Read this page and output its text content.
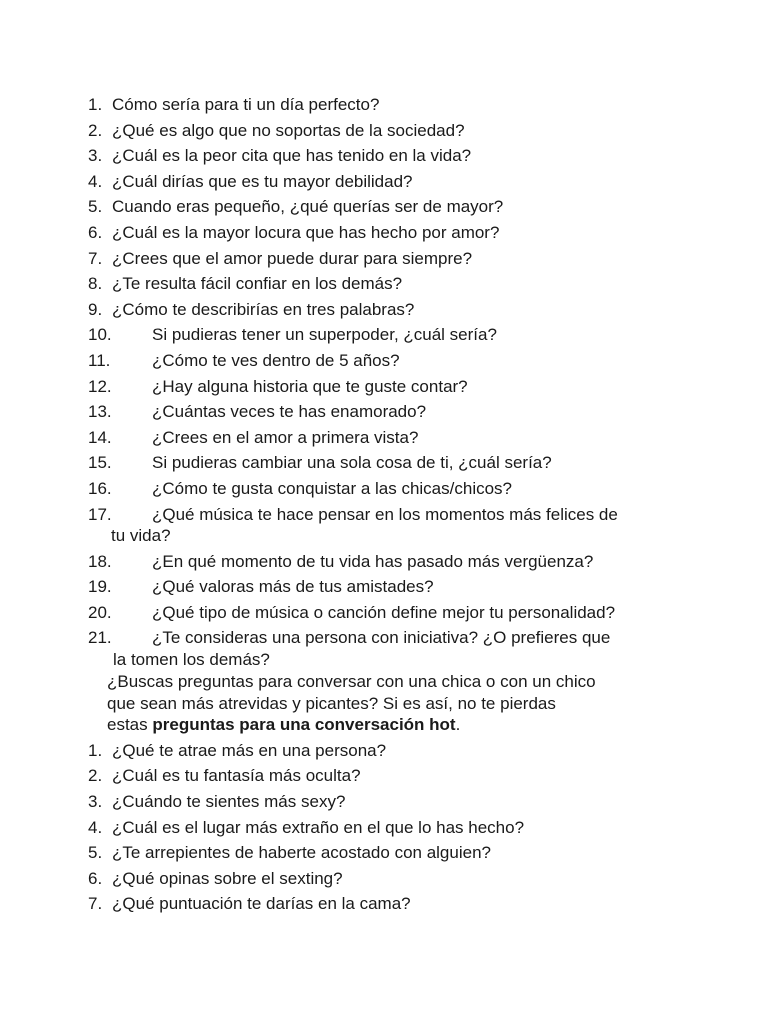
1. Cómo sería para ti un día perfecto?
2. ¿Qué es algo que no soportas de la sociedad?
3. ¿Cuál es la peor cita que has tenido en la vida?
4. ¿Cuál dirías que es tu mayor debilidad?
5. Cuando eras pequeño, ¿qué querías ser de mayor?
6. ¿Cuál es la mayor locura que has hecho por amor?
7. ¿Crees que el amor puede durar para siempre?
8. ¿Te resulta fácil confiar en los demás?
9. ¿Cómo te describirías en tres palabras?
10.	Si pudieras tener un superpoder, ¿cuál sería?
11.	¿Cómo te ves dentro de 5 años?
12.	¿Hay alguna historia que te guste contar?
13.	¿Cuántas veces te has enamorado?
14.	¿Crees en el amor a primera vista?
15.	Si pudieras cambiar una sola cosa de ti, ¿cuál sería?
16.	¿Cómo te gusta conquistar a las chicas/chicos?
17.	¿Qué música te hace pensar en los momentos más felices de
tu vida?
18.	¿En qué momento de tu vida has pasado más vergüenza?
19.	¿Qué valoras más de tus amistades?
20.	¿Qué tipo de música o canción define mejor tu personalidad?
21.	¿Te consideras una persona con iniciativa? ¿O prefieres que
la tomen los demás?
¿Buscas preguntas para conversar con una chica o con un chico
que sean más atrevidas y picantes? Si es así, no te pierdas
estas preguntas para una conversación hot.
1. ¿Qué te atrae más en una persona?
2. ¿Cuál es tu fantasía más oculta?
3. ¿Cuándo te sientes más sexy?
4. ¿Cuál es el lugar más extraño en el que lo has hecho?
5. ¿Te arrepientes de haberte acostado con alguien?
6. ¿Qué opinas sobre el sexting?
7. ¿Qué puntuación te darías en la cama?
